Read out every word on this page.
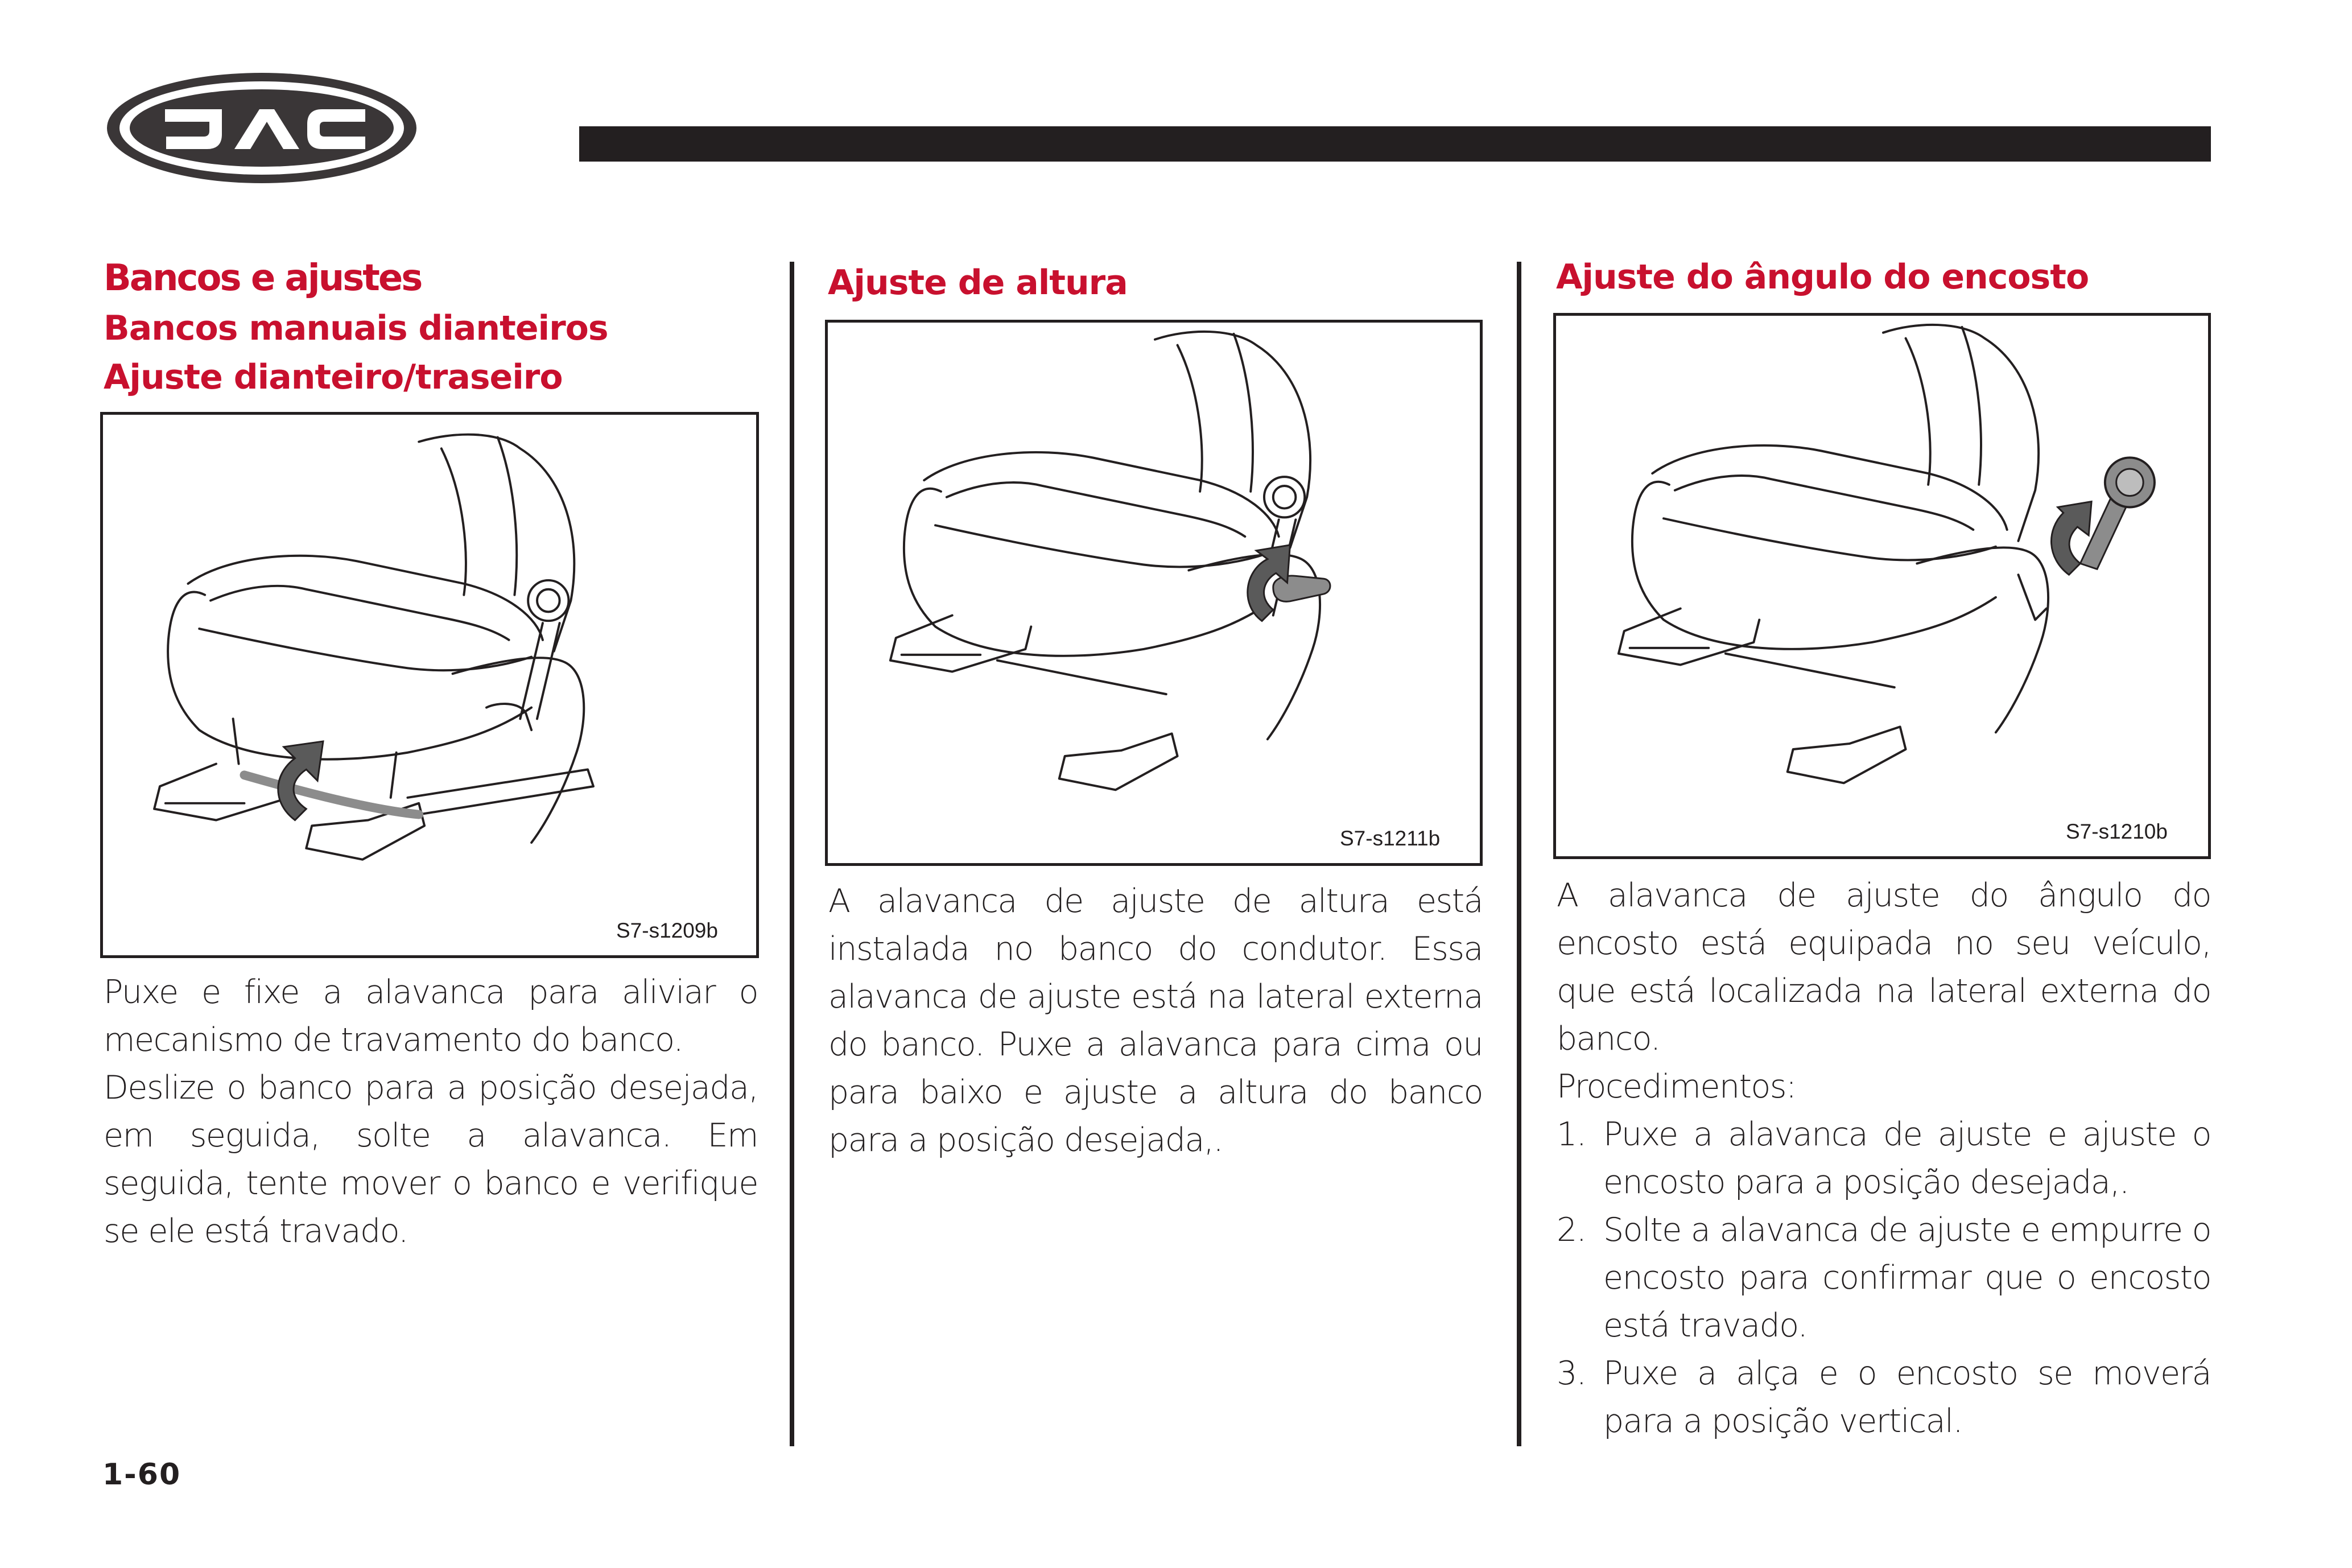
Bancos e ajustes
Bancos manuais dianteiros
Ajuste dianteiro/traseiro
S7-s1209b

Puxe e fixe a alavanca para aliviar o mecanismo de travamento do banco.

Deslize o banco para a posição desejada, em seguida, solte a alavanca. Em seguida, tente mover o banco e verifique se ele está travado.

Ajuste de altura
S7-s1211b

A alavanca de ajuste de altura está instalada no banco do condutor. Essa alavanca de ajuste está na lateral externa do banco. Puxe a alavanca para cima ou para baixo e ajuste a altura do banco para a posição desejada,.

Ajuste do ângulo do encosto
S7-s1210b

A alavanca de ajuste do ângulo do encosto está equipada no seu veículo, que está localizada na lateral externa do banco.

Procedimentos:

1. Puxe a alavanca de ajuste e ajuste o encosto para a posição desejada,.
2. Solte a alavanca de ajuste e empurre o encosto para confirmar que o encosto está travado.
3. Puxe a alça e o encosto se moverá para a posição vertical.
1-60
